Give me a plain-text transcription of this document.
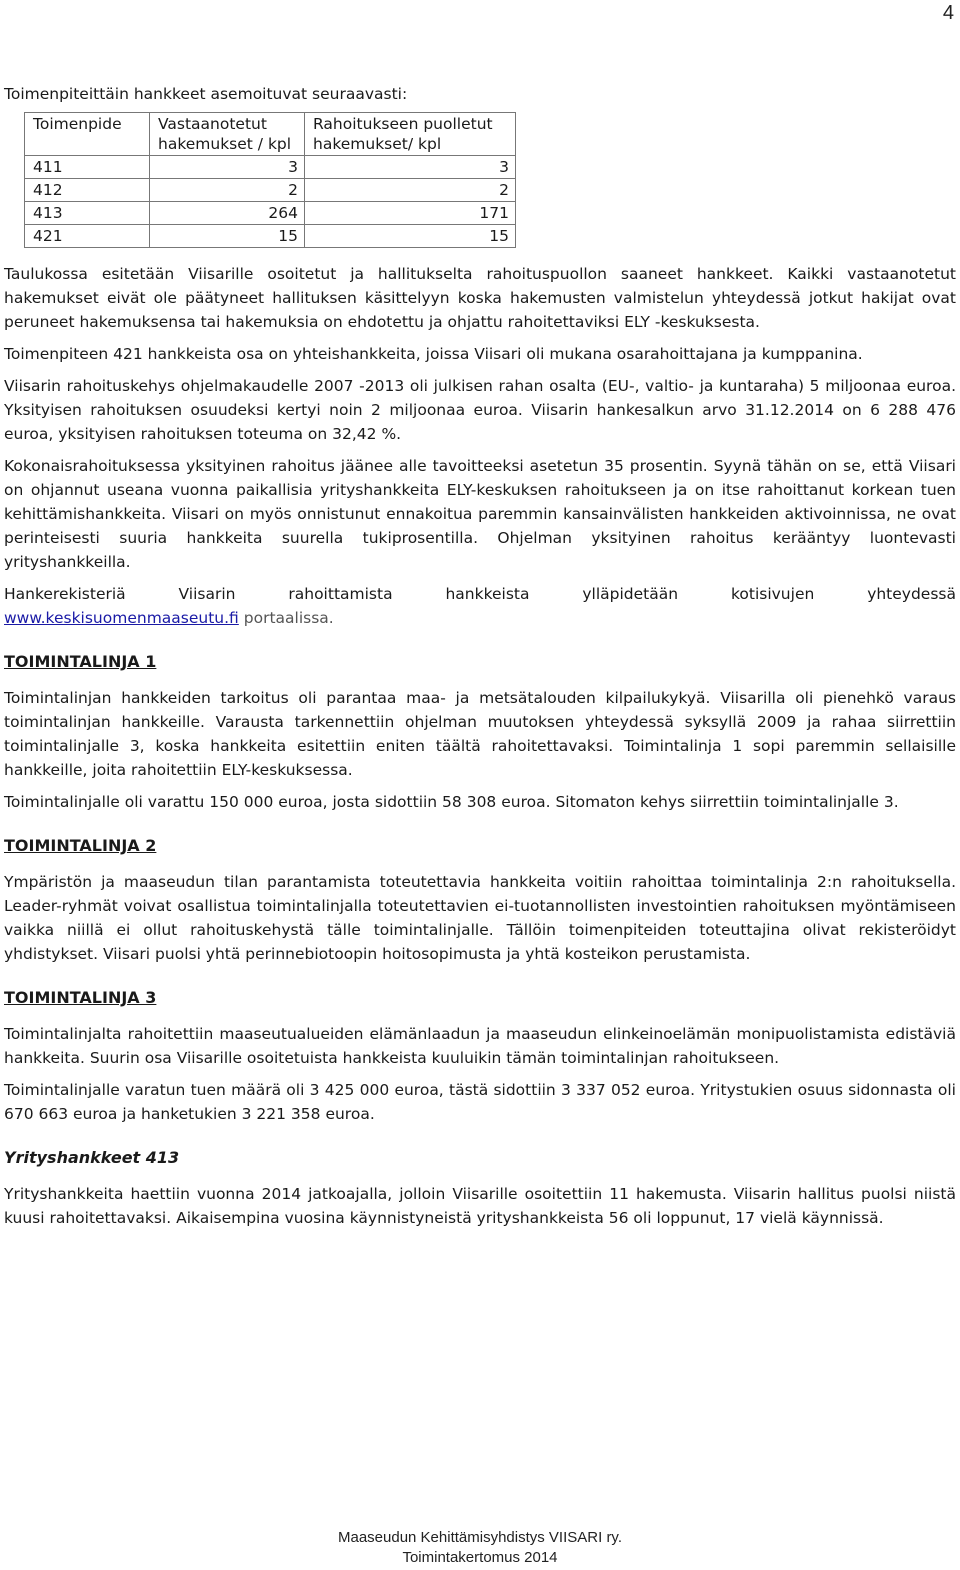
4

Toimenpiteittäin hankkeet asemoituvat seuraavasti:

Toimenpide	Vastaanotetut hakemukset / kpl	Rahoitukseen puolletut hakemukset/ kpl
411	3	3
412	2	2
413	264	171
421	15	15

Taulukossa esitetään Viisarille osoitetut ja hallitukselta rahoituspuollon saaneet hankkeet. Kaikki vastaanotetut hakemukset eivät ole päätyneet hallituksen käsittelyyn koska hakemusten valmistelun yhteydessä jotkut hakijat ovat peruneet hakemuksensa tai hakemuksia on ehdotettu ja ohjattu rahoitettaviksi ELY -keskuksesta.

Toimenpiteen 421 hankkeista osa on yhteishankkeita, joissa Viisari oli mukana osarahoittajana ja kumppanina.

Viisarin rahoituskehys ohjelmakaudelle 2007 -2013 oli julkisen rahan osalta (EU-, valtio- ja kuntaraha) 5 miljoonaa euroa. Yksityisen rahoituksen osuudeksi kertyi noin 2 miljoonaa euroa. Viisarin hankesalkun arvo 31.12.2014 on 6 288 476 euroa, yksityisen rahoituksen toteuma on 32,42 %.

Kokonaisrahoituksessa yksityinen rahoitus jäänee alle tavoitteeksi asetetun 35 prosentin. Syynä tähän on se, että Viisari on ohjannut useana vuonna paikallisia yrityshankkeita ELY-keskuksen rahoitukseen ja on itse rahoittanut korkean tuen kehittämishankkeita. Viisari on myös onnistunut ennakoitua paremmin kansainvälisten hankkeiden aktivoinnissa, ne ovat perinteisesti suuria hankkeita suurella tukiprosentilla. Ohjelman yksityinen rahoitus kerääntyy luontevasti yrityshankkeilla.

Hankerekisteriä Viisarin rahoittamista hankkeista ylläpidetään kotisivujen yhteydessä

www.keskisuomenmaaseutu.fi portaalissa.

TOIMINTALINJA 1

Toimintalinjan hankkeiden tarkoitus oli parantaa maa- ja metsätalouden kilpailukykyä. Viisarilla oli pienehkö varaus toimintalinjan hankkeille. Varausta tarkennettiin ohjelman muutoksen yhteydessä syksyllä 2009 ja rahaa siirrettiin toimintalinjalle 3, koska hankkeita esitettiin eniten täältä rahoitettavaksi. Toimintalinja 1 sopi paremmin sellaisille hankkeille, joita rahoitettiin ELY-keskuksessa.

Toimintalinjalle oli varattu 150 000 euroa, josta sidottiin 58 308 euroa. Sitomaton kehys siirrettiin toimintalinjalle 3.

TOIMINTALINJA 2

Ympäristön ja maaseudun tilan parantamista toteutettavia hankkeita voitiin rahoittaa toimintalinja 2:n rahoituksella. Leader-ryhmät voivat osallistua toimintalinjalla toteutettavien ei-tuotannollisten investointien rahoituksen myöntämiseen vaikka niillä ei ollut rahoituskehystä tälle toimintalinjalle. Tällöin toimenpiteiden toteuttajina olivat rekisteröidyt yhdistykset. Viisari puolsi yhtä perinnebiotoopin hoitosopimusta ja yhtä kosteikon perustamista.

TOIMINTALINJA 3

Toimintalinjalta rahoitettiin maaseutualueiden elämänlaadun ja maaseudun elinkeinoelämän monipuolistamista edistäviä hankkeita. Suurin osa Viisarille osoitetuista hankkeista kuuluikin tämän toimintalinjan rahoitukseen.

Toimintalinjalle varatun tuen määrä oli 3 425 000 euroa, tästä sidottiin 3 337 052 euroa. Yritystukien osuus sidonnasta oli 670 663 euroa ja hanketukien 3 221 358 euroa.

Yrityshankkeet 413

Yrityshankkeita haettiin vuonna 2014 jatkoajalla, jolloin Viisarille osoitettiin 11 hakemusta. Viisarin hallitus puolsi niistä kuusi rahoitettavaksi. Aikaisempina vuosina käynnistyneistä yrityshankkeista 56 oli loppunut, 17 vielä käynnissä.

Maaseudun Kehittämisyhdistys VIISARI ry.
Toimintakertomus 2014
